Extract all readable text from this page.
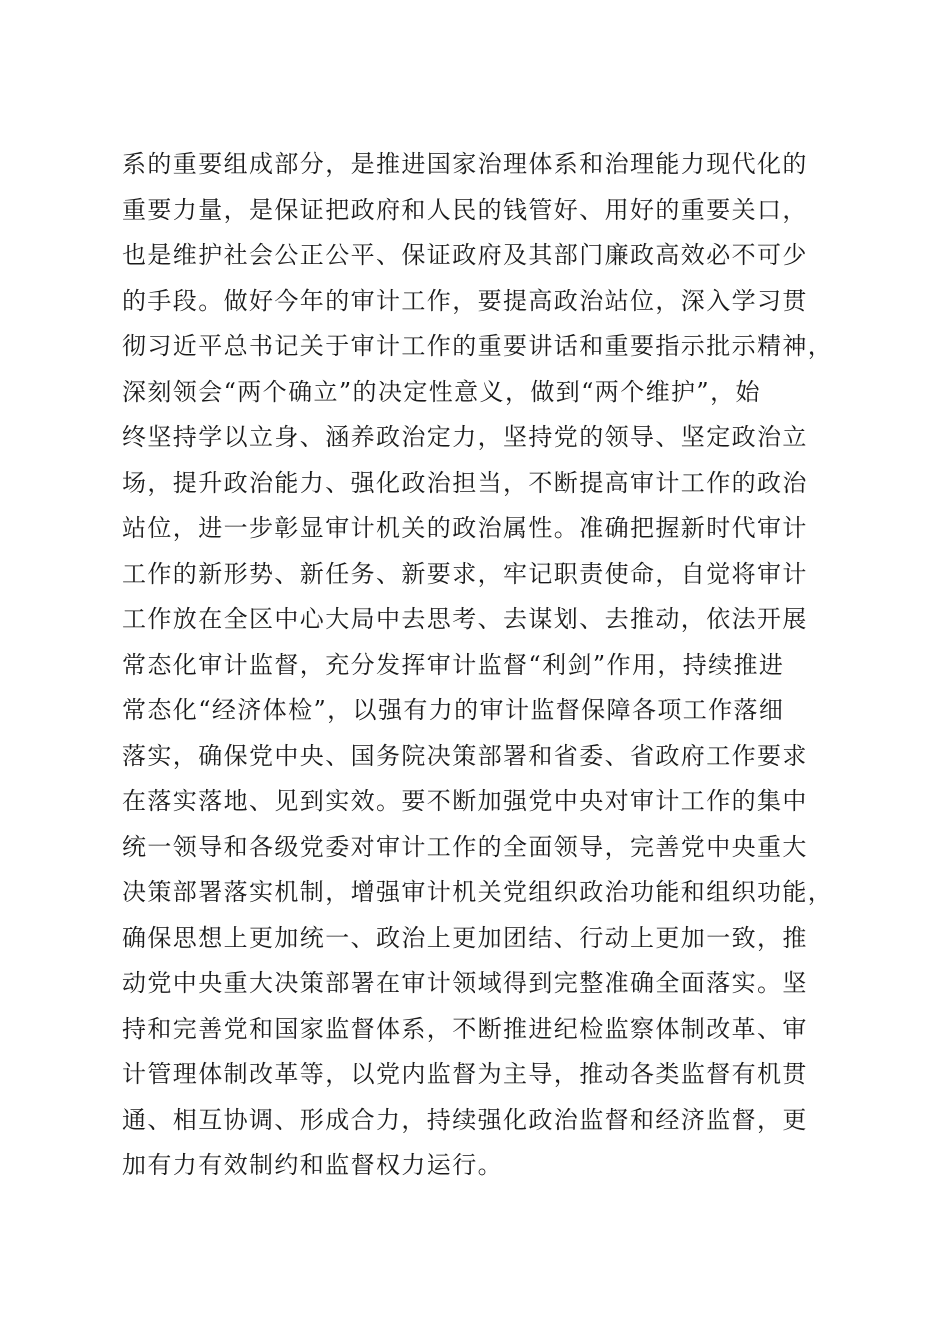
系的重要组成部分，是推进国家治理体系和治理能力现代化的
重要力量，是保证把政府和人民的钱管好、用好的重要关口，
也是维护社会公正公平、保证政府及其部门廉政高效必不可少
的手段。做好今年的审计工作，要提高政治站位，深入学习贯
彻习近平总书记关于审计工作的重要讲话和重要指示批示精神，
深刻领会“两个确立”的决定性意义，做到“两个维护”，始
终坚持学以立身、涵养政治定力，坚持党的领导、坚定政治立
场，提升政治能力、强化政治担当，不断提高审计工作的政治
站位，进一步彰显审计机关的政治属性。准确把握新时代审计
工作的新形势、新任务、新要求，牢记职责使命，自觉将审计
工作放在全区中心大局中去思考、去谋划、去推动，依法开展
常态化审计监督，充分发挥审计监督“利剑”作用，持续推进
常态化“经济体检”，以强有力的审计监督保障各项工作落细
落实，确保党中央、国务院决策部署和省委、省政府工作要求
在落实落地、见到实效。要不断加强党中央对审计工作的集中
统一领导和各级党委对审计工作的全面领导，完善党中央重大
决策部署落实机制，增强审计机关党组织政治功能和组织功能，
确保思想上更加统一、政治上更加团结、行动上更加一致，推
动党中央重大决策部署在审计领域得到完整准确全面落实。坚
持和完善党和国家监督体系，不断推进纪检监察体制改革、审
计管理体制改革等，以党内监督为主导，推动各类监督有机贯
通、相互协调、形成合力，持续强化政治监督和经济监督，更
加有力有效制约和监督权力运行。
